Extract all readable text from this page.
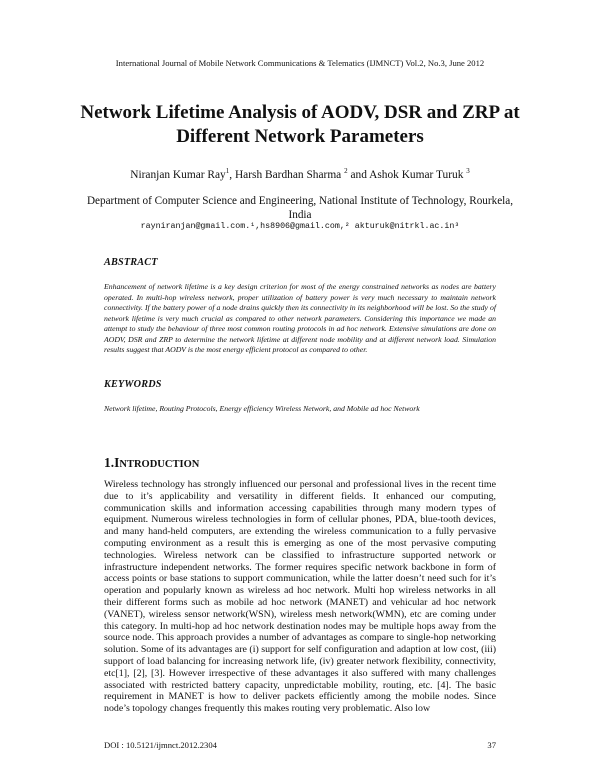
International Journal of Mobile Network Communications & Telematics (IJMNCT) Vol.2, No.3, June 2012
Network Lifetime Analysis of AODV, DSR and ZRP at Different Network Parameters
Niranjan Kumar Ray$^1$, Harsh Bardhan Sharma $^2$ and Ashok Kumar Turuk $^3$
Department of Computer Science and Engineering, National Institute of Technology, Rourkela, India
rayniranjan@gmail.com.¹,hs8906@gmail.com,² akturuk@nitrkl.ac.in³
ABSTRACT
Enhancement of network lifetime is a key design criterion for most of the energy constrained networks as nodes are battery operated. In multi-hop wireless network, proper utilization of battery power is very much necessary to maintain network connectivity. If the battery power of a node drains quickly then its connectivity in its neighborhood will be lost. So the study of network lifetime is very much crucial as compared to other network parameters. Considering this importance we made an attempt to study the behaviour of three most common routing protocols in ad hoc network. Extensive simulations are done on AODV, DSR and ZRP to determine the network lifetime at different node mobility and at different network load. Simulation results suggest that AODV is the most energy efficient protocol as compared to other.
KEYWORDS
Network lifetime, Routing Protocols, Energy efficiency Wireless Network, and Mobile ad hoc Network
1.INTRODUCTION
Wireless technology has strongly influenced our personal and professional lives in the recent time due to it’s applicability and versatility in different fields. It enhanced our computing, communication skills and information accessing capabilities through many modern types of equipment. Numerous wireless technologies in form of cellular phones, PDA, blue-tooth devices, and many hand-held computers, are extending the wireless communication to a fully pervasive computing environment as a result this is emerging as one of the most pervasive computing technologies. Wireless network can be classified to infrastructure supported network or infrastructure independent networks. The former requires specific network backbone in form of access points or base stations to support communication, while the latter doesn’t need such for it’s operation and popularly known as wireless ad hoc network. Multi hop wireless networks in all their different forms such as mobile ad hoc network (MANET) and vehicular ad hoc network (VANET), wireless sensor network(WSN), wireless mesh network(WMN), etc are coming under this category. In multi-hop ad hoc network destination nodes may be multiple hops away from the source node. This approach provides a number of advantages as compare to single-hop networking solution. Some of its advantages are (i) support for self configuration and adaption at low cost, (iii) support of load balancing for increasing network life, (iv) greater network flexibility, connectivity, etc[1], [2], [3]. However irrespective of these advantages it also suffered with many challenges associated with restricted battery capacity, unpredictable mobility, routing, etc. [4]. The basic requirement in MANET is how to deliver packets efficiently among the mobile nodes. Since node’s topology changes frequently this makes routing very problematic. Also low
DOI : 10.5121/ijmnct.2012.2304	37
